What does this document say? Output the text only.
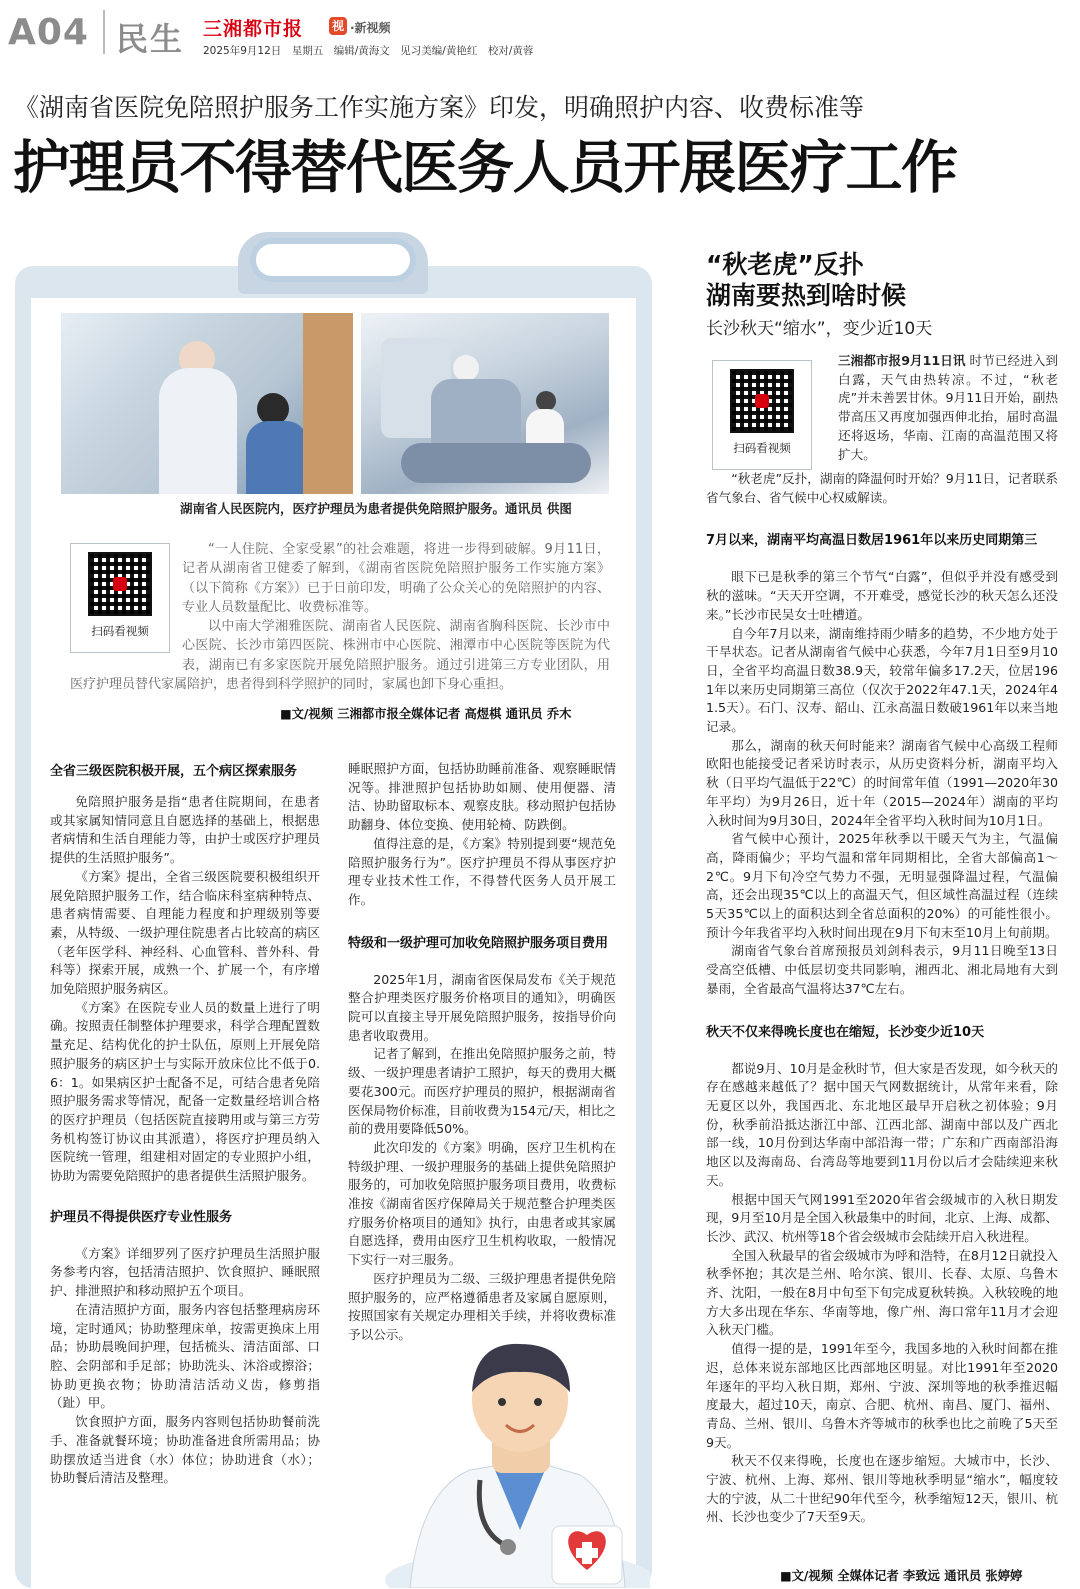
A04 民生 三湘都市报 视 ·新视频
2025年9月12日　星期五　编辑/黄海文　见习美编/黄艳红　校对/黄蓉
《湖南省医院免陪照护服务工作实施方案》印发，明确照护内容、收费标准等
护理员不得替代医务人员开展医疗工作
湖南省人民医院内，医疗护理员为患者提供免陪照护服务。通讯员 供图

“一人住院、全家受累”的社会难题，将进一步得到破解。9月11日，记者从湖南省卫健委了解到，《湖南省医院免陪照护服务工作实施方案》（以下简称《方案》）已于日前印发，明确了公众关心的免陪照护的内容、专业人员数量配比、收费标准等。

以中南大学湘雅医院、湖南省人民医院、湖南省胸科医院、长沙市中心医院、长沙市第四医院、株洲市中心医院、湘潭市中心医院等医院为代表，湖南已有多家医院开展免陪照护服务。通过引进第三方专业团队，用医疗护理员替代家属陪护，患者得到科学照护的同时，家属也卸下身心重担。

扫码看视频
■文/视频 三湘都市报全媒体记者 高煜棋 通讯员 乔木
全省三级医院积极开展，五个病区探索服务

免陪照护服务是指“患者住院期间，在患者或其家属知情同意且自愿选择的基础上，根据患者病情和生活自理能力等，由护士或医疗护理员提供的生活照护服务”。

《方案》提出，全省三级医院要积极组织开展免陪照护服务工作，结合临床科室病种特点、患者病情需要、自理能力程度和护理级别等要素，从特级、一级护理住院患者占比较高的病区（老年医学科、神经科、心血管科、普外科、骨科等）探索开展，成熟一个、扩展一个，有序增加免陪照护服务病区。

《方案》在医院专业人员的数量上进行了明确。按照责任制整体护理要求，科学合理配置数量充足、结构优化的护士队伍，原则上开展免陪照护服务的病区护士与实际开放床位比不低于0.6：1。如果病区护士配备不足，可结合患者免陪照护服务需求等情况，配备一定数量经培训合格的医疗护理员（包括医院直接聘用或与第三方劳务机构签订协议由其派遣），将医疗护理员纳入医院统一管理，组建相对固定的专业照护小组，协助为需要免陪照护的患者提供生活照护服务。

护理员不得提供医疗专业性服务

《方案》详细罗列了医疗护理员生活照护服务参考内容，包括清洁照护、饮食照护、睡眠照护、排泄照护和移动照护五个项目。

在清洁照护方面，服务内容包括整理病房环境，定时通风；协助整理床单，按需更换床上用品；协助晨晚间护理，包括梳头、清洁面部、口腔、会阴部和手足部；协助洗头、沐浴或擦浴；协助更换衣物；协助清洁活动义齿，修剪指（趾）甲。

饮食照护方面，服务内容则包括协助餐前洗手、准备就餐环境；协助准备进食所需用品；协助摆放适当进食（水）体位；协助进食（水）；协助餐后清洁及整理。

睡眠照护方面，包括协助睡前准备、观察睡眠情况等。排泄照护包括协助如厕、使用便器、清洁、协助留取标本、观察皮肤。移动照护包括协助翻身、体位变换、使用轮椅、防跌倒。

值得注意的是，《方案》特别提到要“规范免陪照护服务行为”。医疗护理员不得从事医疗护理专业技术性工作，不得替代医务人员开展工作。

特级和一级护理可加收免陪照护服务项目费用

2025年1月，湖南省医保局发布《关于规范整合护理类医疗服务价格项目的通知》，明确医院可以直接主导开展免陪照护服务，按指导价向患者收取费用。

记者了解到，在推出免陪照护服务之前，特级、一级护理患者请护工照护，每天的费用大概要花300元。而医疗护理员的照护，根据湖南省医保局物价标准，目前收费为154元/天，相比之前的费用要降低50%。

此次印发的《方案》明确，医疗卫生机构在特级护理、一级护理服务的基础上提供免陪照护服务的，可加收免陪照护服务项目费用，收费标准按《湖南省医疗保障局关于规范整合护理类医疗服务价格项目的通知》执行，由患者或其家属自愿选择，费用由医疗卫生机构收取，一般情况下实行一对三服务。

医疗护理员为二级、三级护理患者提供免陪照护服务的，应严格遵循患者及家属自愿原则，按照国家有关规定办理相关手续，并将收费标准予以公示。

“秋老虎”反扑
湖南要热到啥时候
长沙秋天“缩水”，变少近10天
扫码看视频

三湘都市报9月11日讯 时节已经进入到白露，天气由热转凉。不过，“秋老虎”并未善罢甘休。9月11日开始，副热带高压又再度加强西伸北抬，届时高温还将返场，华南、江南的高温范围又将扩大。

“秋老虎”反扑，湖南的降温何时开始？9月11日，记者联系省气象台、省气候中心权威解读。

7月以来，湖南平均高温日数居1961年以来历史同期第三

眼下已是秋季的第三个节气“白露”，但似乎并没有感受到秋的滋味。“天天开空调，不开难受，感觉长沙的秋天怎么还没来。”长沙市民吴女士吐槽道。

自今年7月以来，湖南维持雨少晴多的趋势，不少地方处于干旱状态。记者从湖南省气候中心获悉，今年7月1日至9月10日，全省平均高温日数38.9天，较常年偏多17.2天，位居1961年以来历史同期第三高位（仅次于2022年47.1天，2024年41.5天）。石门、汉寿、韶山、江永高温日数破1961年以来当地记录。

那么，湖南的秋天何时能来？湖南省气候中心高级工程师欧阳也能接受记者采访时表示，从历史资料分析，湖南平均入秋（日平均气温低于22℃）的时间常年值（1991—2020年30年平均）为9月26日，近十年（2015—2024年）湖南的平均入秋时间为9月30日，2024年全省平均入秋时间为10月1日。

省气候中心预计，2025年秋季以干暖天气为主，气温偏高，降雨偏少；平均气温和常年同期相比，全省大部偏高1～2℃。9月下旬冷空气势力不强，无明显强降温过程，气温偏高，还会出现35℃以上的高温天气，但区域性高温过程（连续5天35℃以上的面积达到全省总面积的20%）的可能性很小。预计今年我省平均入秋时间出现在9月下旬末至10月上旬前期。

湖南省气象台首席预报员刘剑科表示，9月11日晚至13日受高空低槽、中低层切变共同影响，湘西北、湘北局地有大到暴雨，全省最高气温将达37℃左右。

秋天不仅来得晚长度也在缩短，长沙变少近10天

都说9月、10月是金秋时节，但大家是否发现，如今秋天的存在感越来越低了？据中国天气网数据统计，从常年来看，除无夏区以外，我国西北、东北地区最早开启秋之初体验；9月份，秋季前沿抵达浙江中部、江西北部、湖南中部以及广西北部一线，10月份到达华南中部沿海一带；广东和广西南部沿海地区以及海南岛、台湾岛等地要到11月份以后才会陆续迎来秋天。

根据中国天气网1991至2020年省会级城市的入秋日期发现，9月至10月是全国入秋最集中的时间，北京、上海、成都、长沙、武汉、杭州等18个省会级城市会陆续开启入秋进程。

全国入秋最早的省会级城市为呼和浩特，在8月12日就投入秋季怀抱；其次是兰州、哈尔滨、银川、长春、太原、乌鲁木齐、沈阳，一般在8月中旬至下旬完成夏秋转换。入秋较晚的地方大多出现在华东、华南等地，像广州、海口常年11月才会迎入秋天门槛。

值得一提的是，1991年至今，我国多地的入秋时间都在推迟，总体来说东部地区比西部地区明显。对比1991年至2020年逐年的平均入秋日期，郑州、宁波、深圳等地的秋季推迟幅度最大，超过10天，南京、合肥、杭州、南昌、厦门、福州、青岛、兰州、银川、乌鲁木齐等城市的秋季也比之前晚了5天至9天。

秋天不仅来得晚，长度也在逐步缩短。大城市中，长沙、宁波、杭州、上海、郑州、银川等地秋季明显“缩水”，幅度较大的宁波，从二十世纪90年代至今，秋季缩短12天，银川、杭州、长沙也变少了7天至9天。

■文/视频 全媒体记者 李致远 通讯员 张婷婷
